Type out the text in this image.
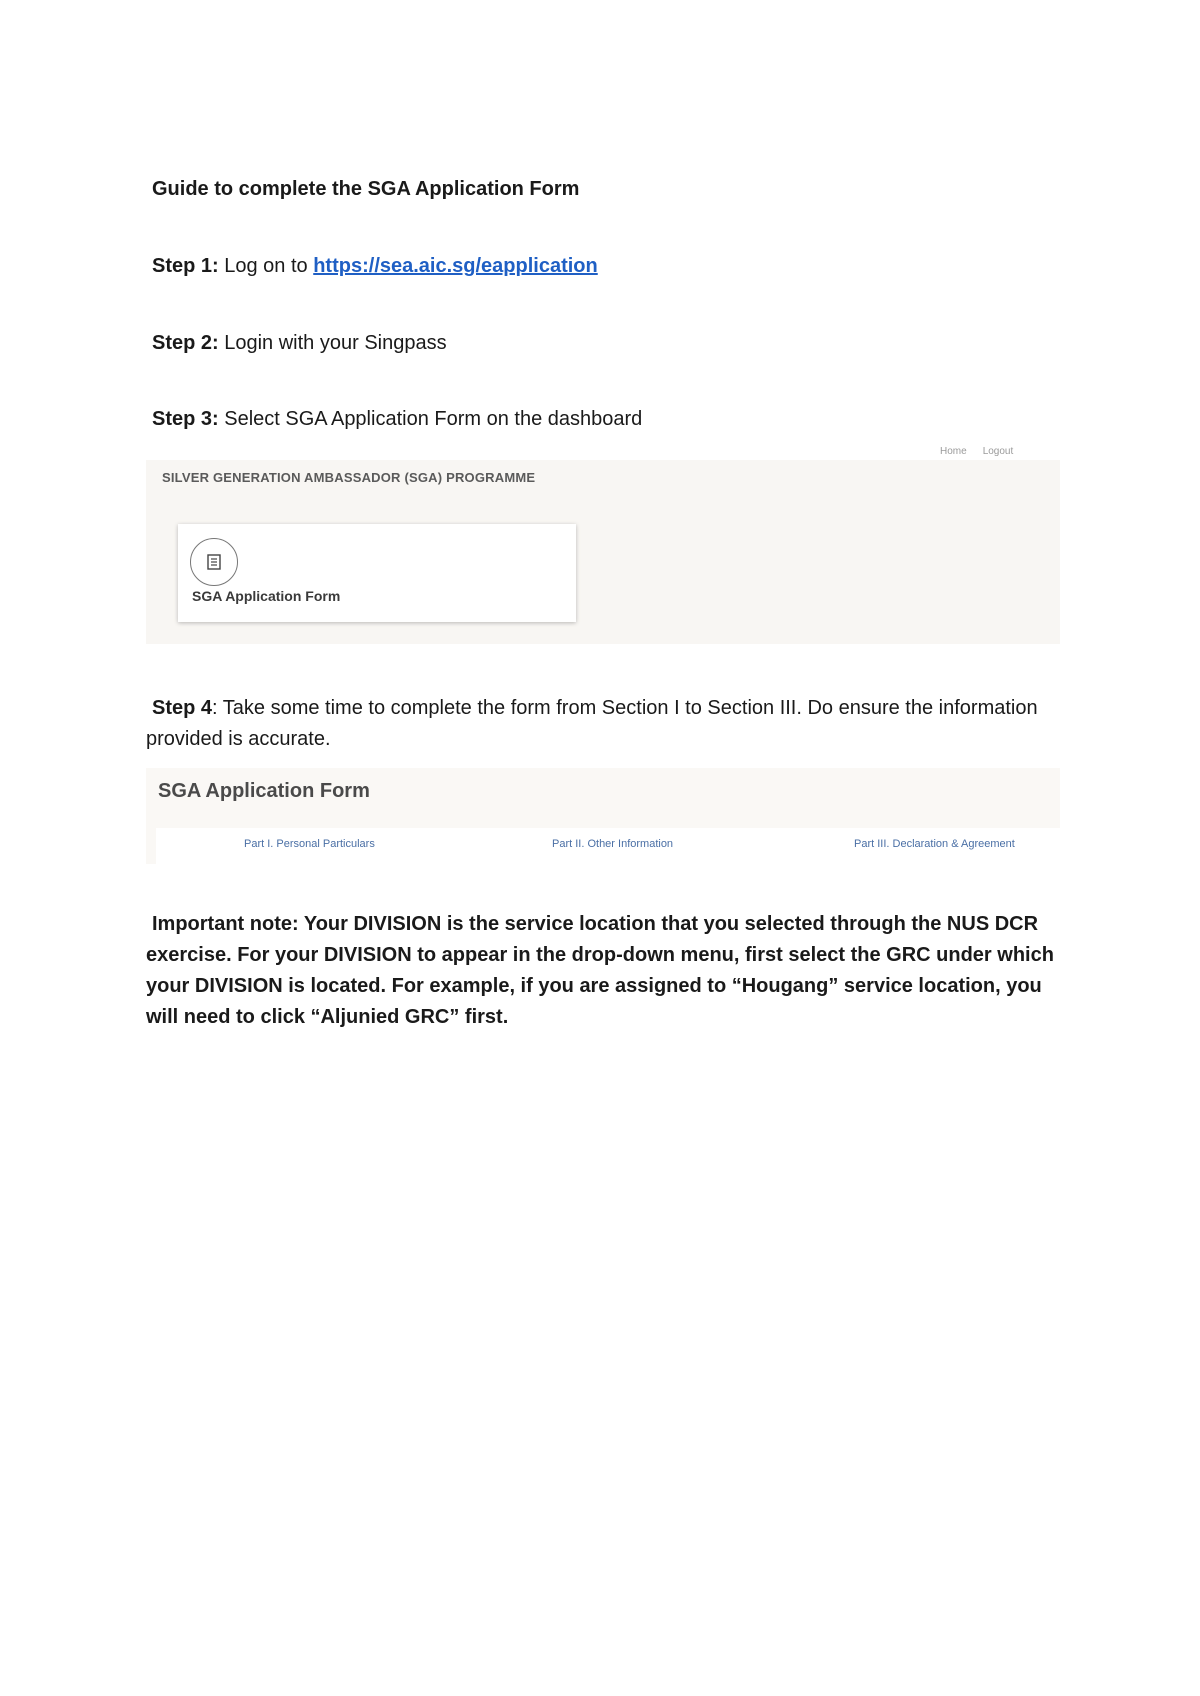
Guide to complete the SGA Application Form
Step 1: Log on to https://sea.aic.sg/eapplication
Step 2: Login with your Singpass
Step 3: Select SGA Application Form on the dashboard
Home Logout
SILVER GENERATION AMBASSADOR (SGA) PROGRAMME
SGA Application Form
Step 4: Take some time to complete the form from Section I to Section III. Do ensure the information provided is accurate.
SGA Application Form
Part I. Personal Particulars	Part II. Other Information	Part III. Declaration & Agreement
Important note: Your DIVISION is the service location that you selected through the NUS DCR exercise. For your DIVISION to appear in the drop-down menu, first select the GRC under which your DIVISION is located. For example, if you are assigned to “Hougang” service location, you will need to click “Aljunied GRC” first.
